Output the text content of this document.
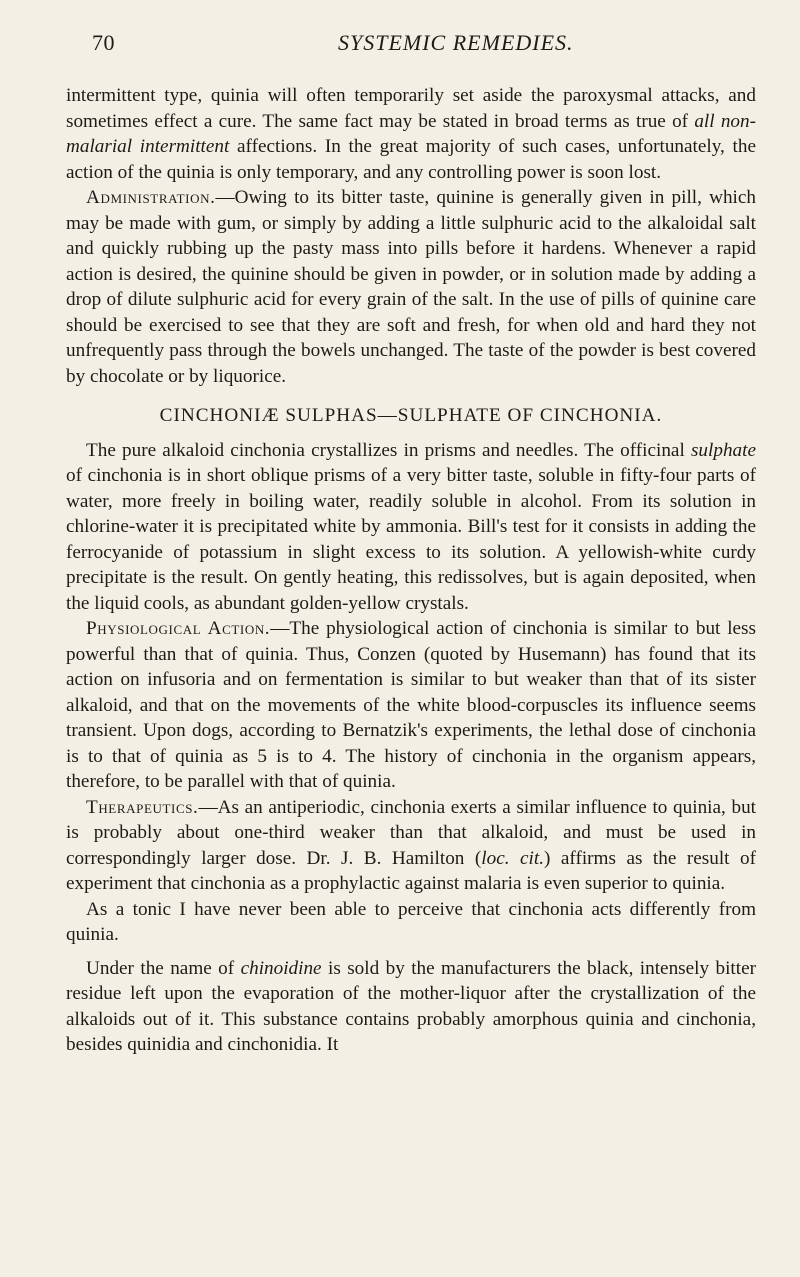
70	SYSTEMIC REMEDIES.

intermittent type, quinia will often temporarily set aside the paroxysmal attacks, and sometimes effect a cure. The same fact may be stated in broad terms as true of all non-malarial intermittent affections. In the great majority of such cases, unfortunately, the action of the quinia is only temporary, and any controlling power is soon lost.

Administration.—Owing to its bitter taste, quinine is generally given in pill, which may be made with gum, or simply by adding a little sulphuric acid to the alkaloidal salt and quickly rubbing up the pasty mass into pills before it hardens. Whenever a rapid action is desired, the quinine should be given in powder, or in solution made by adding a drop of dilute sulphuric acid for every grain of the salt. In the use of pills of quinine care should be exercised to see that they are soft and fresh, for when old and hard they not unfrequently pass through the bowels unchanged. The taste of the powder is best covered by chocolate or by liquorice.

CINCHONIÆ SULPHAS—SULPHATE OF CINCHONIA.

The pure alkaloid cinchonia crystallizes in prisms and needles. The officinal sulphate of cinchonia is in short oblique prisms of a very bitter taste, soluble in fifty-four parts of water, more freely in boiling water, readily soluble in alcohol. From its solution in chlorine-water it is precipitated white by ammonia. Bill's test for it consists in adding the ferrocyanide of potassium in slight excess to its solution. A yellowish-white curdy precipitate is the result. On gently heating, this redissolves, but is again deposited, when the liquid cools, as abundant golden-yellow crystals.

Physiological Action.—The physiological action of cinchonia is similar to but less powerful than that of quinia. Thus, Conzen (quoted by Husemann) has found that its action on infusoria and on fermentation is similar to but weaker than that of its sister alkaloid, and that on the movements of the white blood-corpuscles its influence seems transient. Upon dogs, according to Bernatzik's experiments, the lethal dose of cinchonia is to that of quinia as 5 is to 4. The history of cinchonia in the organism appears, therefore, to be parallel with that of quinia.

Therapeutics.—As an antiperiodic, cinchonia exerts a similar influence to quinia, but is probably about one-third weaker than that alkaloid, and must be used in correspondingly larger dose. Dr. J. B. Hamilton (loc. cit.) affirms as the result of experiment that cinchonia as a prophylactic against malaria is even superior to quinia.

As a tonic I have never been able to perceive that cinchonia acts differently from quinia.

Under the name of chinoidine is sold by the manufacturers the black, intensely bitter residue left upon the evaporation of the mother-liquor after the crystallization of the alkaloids out of it. This substance contains probably amorphous quinia and cinchonia, besides quinidia and cinchonidia. It
